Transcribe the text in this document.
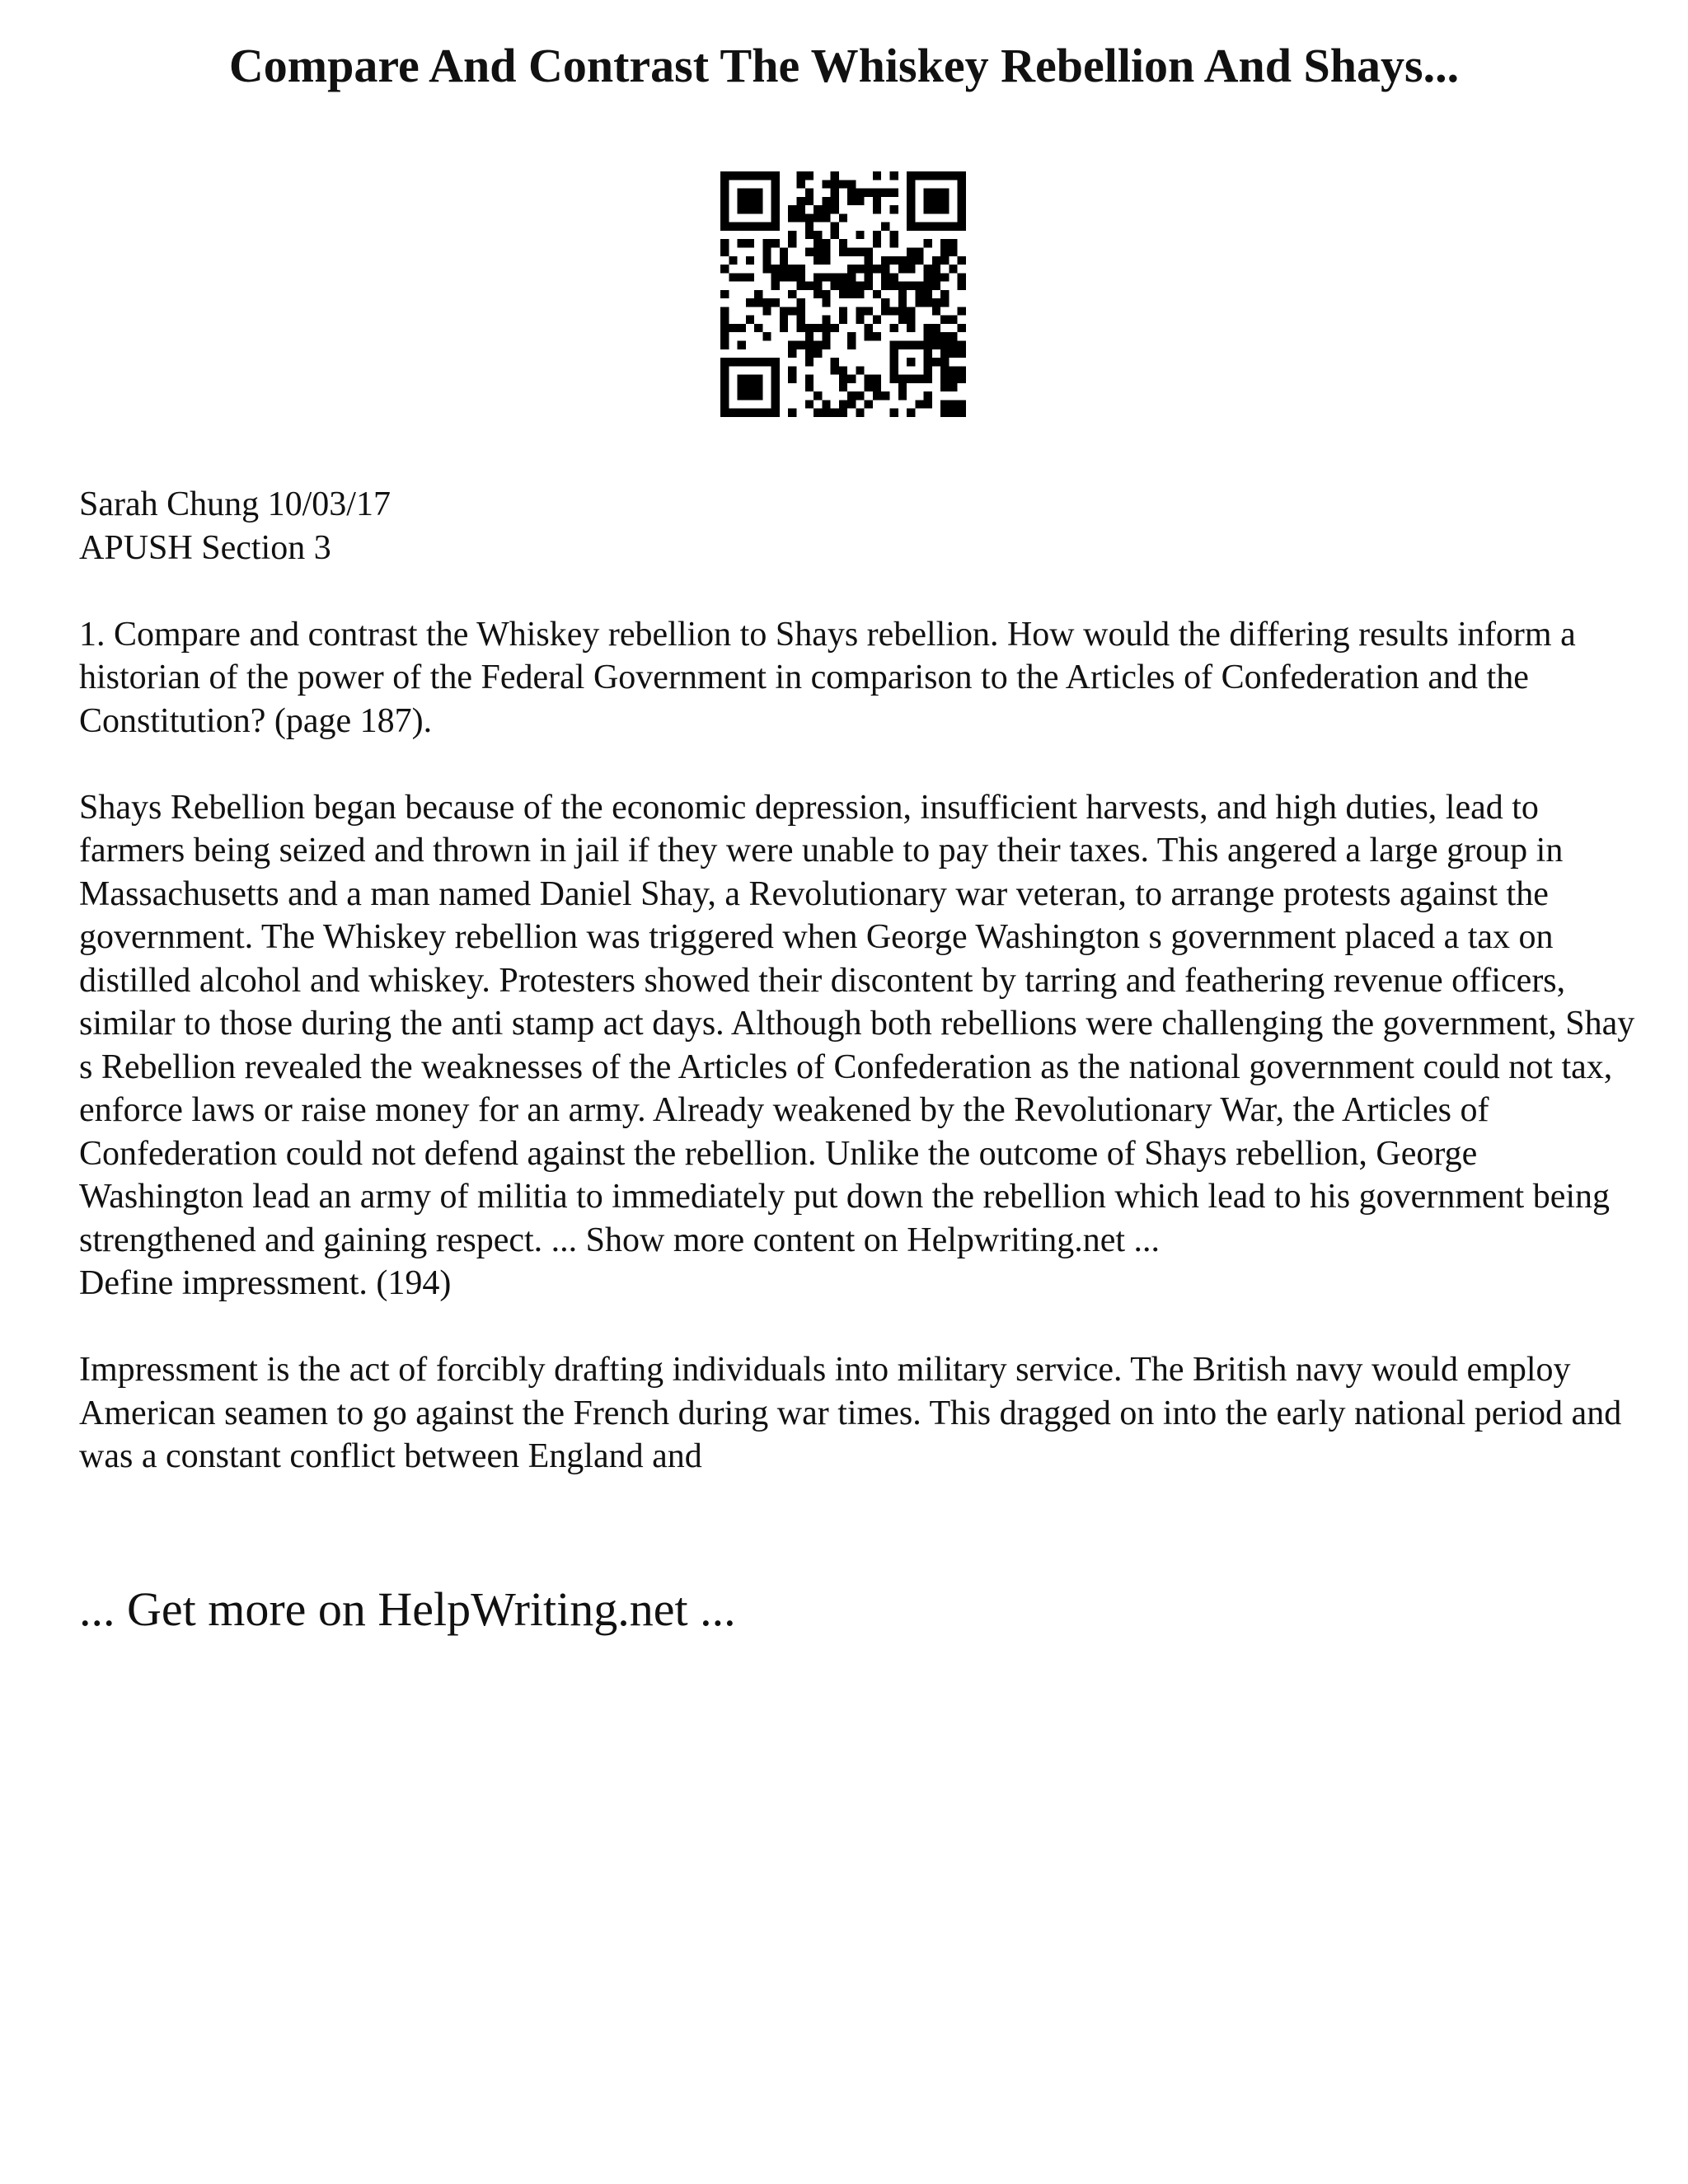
Compare And Contrast The Whiskey Rebellion And Shays...

Sarah Chung 10/03/17

APUSH Section 3

1. Compare and contrast the Whiskey rebellion to Shays rebellion. How would the differing results inform a historian of the power of the Federal Government in comparison to the Articles of Confederation and the Constitution? (page 187).

Shays Rebellion began because of the economic depression, insufficient harvests, and high duties, lead to farmers being seized and thrown in jail if they were unable to pay their taxes. This angered a large group in Massachusetts and a man named Daniel Shay, a Revolutionary war veteran, to arrange protests against the government. The Whiskey rebellion was triggered when George Washington s government placed a tax on distilled alcohol and whiskey. Protesters showed their discontent by tarring and feathering revenue officers, similar to those during the anti stamp act days. Although both rebellions were challenging the government, Shay s Rebellion revealed the weaknesses of the Articles of Confederation as the national government could not tax, enforce laws or raise money for an army. Already weakened by the Revolutionary War, the Articles of Confederation could not defend against the rebellion. Unlike the outcome of Shays rebellion, George Washington lead an army of militia to immediately put down the rebellion which lead to his government being strengthened and gaining respect. ... Show more content on Helpwriting.net ...

Define impressment. (194)

Impressment is the act of forcibly drafting individuals into military service. The British navy would employ American seamen to go against the French during war times. This dragged on into the early national period and was a constant conflict between England and

... Get more on HelpWriting.net ...
